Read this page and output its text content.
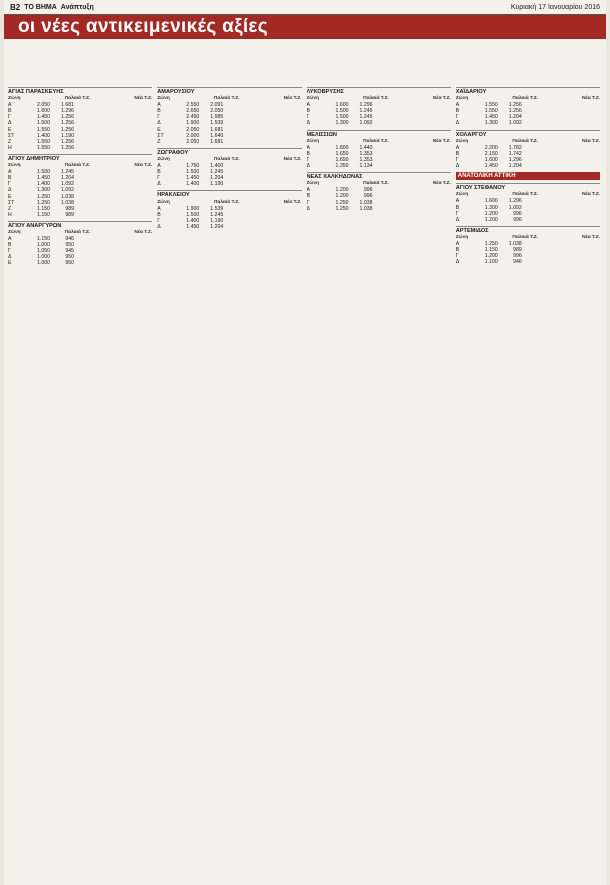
B2 ΤΟ ΒΗΜΑ Ανάπτυξη	Κυριακή 17 Ιανουαρίου 2016
οι νέες αντικειμενικές αξίες
ΑΓΙΑΣ ΠΑΡΑΣΚΕΥΗΣ
Ζώνη	Παλαιά Τ.Ζ.	Νέα Τ.Ζ.
Α	2.050	1.681
Β	1.600	1.296
Γ	1.450	1.256
Δ	1.500	1.256
Ε	1.550	1.256
ΣΤ	1.400	1.190
Ζ	1.550	1.256
Η	1.550	1.256
ΑΓΙΟΥ ΔΗΜΗΤΡΙΟΥ
Ζώνη	Παλαιά Τ.Ζ.	Νέα Τ.Ζ.
Α	1.500	1.245
Β	1.450	1.204
Γ	1.400	1.092
Δ	1.300	1.092
Ε	1.250	1.038
ΣΤ	1.250	1.038
Ζ	1.150	989
Η	1.150	989
ΑΓΙΟΥ ΑΝΑΡΓΥΡΩΝ
Ζώνη	Παλαιά Τ.Ζ.	Νέα Τ.Ζ.
Α	1.150	946
Β	1.000	950
Γ	1.050	945
Δ	1.000	950
Ε	1.000	950
ΑΜΑΡΟΥΣΙΟΥ
Ζώνη	Παλαιά Τ.Ζ.	Νέα Τ.Ζ.
Α	2.550	2.091
Β	2.650	2.050
Γ	2.450	1.985
Δ	1.900	1.539
Ε	2.050	1.681
ΣΤ	2.000	1.640
Ζ	2.050	1.681
ΖΩΓΡΑΦΟΥ
Ζώνη	Παλαιά Τ.Ζ.	Νέα Τ.Ζ.
Α	1.750	1.400
Β	1.500	1.245
Γ	1.450	1.204
Δ	1.400	1.190
ΗΡΑΚΛΕΙΟΥ
Ζώνη	Παλαιά Τ.Ζ.	Νέα Τ.Ζ.
Α	1.900	1.539
Β	1.500	1.245
Γ	1.400	1.190
Δ	1.450	1.204
ΛΥΚΟΒΡΥΣΗΣ
Ζώνη	Παλαιά Τ.Ζ.	Νέα Τ.Ζ.
Α	1.600	1.296
Β	1.500	1.245
Γ	1.500	1.245
Δ	1.300	1.092
ΜΕΛΙΣΣΙΩΝ
Ζώνη	Παλαιά Τ.Ζ.	Νέα Τ.Ζ.
Α	1.800	1.440
Β	1.650	1.353
Γ	1.650	1.353
Δ	1.350	1.134
ΝΕΑΣ ΧΑΛΚΗΔΟΝΑΣ
Ζώνη	Παλαιά Τ.Ζ.	Νέα Τ.Ζ.
Α	1.200	996
Β	1.200	996
Γ	1.250	1.038
Δ	1.250	1.038
ΧΑΪΔΑΡΙΟΥ
Ζώνη	Παλαιά Τ.Ζ.	Νέα Τ.Ζ.
Α	1.550	1.256
Β	1.550	1.256
Γ	1.450	1.204
Δ	1.300	1.092
ΧΟΛΑΡΓΟΥ
Ζώνη	Παλαιά Τ.Ζ.	Νέα Τ.Ζ.
Α	2.200	1.782
Β	2.150	1.742
Γ	1.600	1.296
Δ	1.450	1.204
ΑΝΑΤΟΛΙΚΗ ΑΤΤΙΚΗ
ΑΓΙΟΥ ΣΤΕΦΑΝΟΥ
Ζώνη	Παλαιά Τ.Ζ.	Νέα Τ.Ζ.
Α	1.600	1.296
Β	1.300	1.092
Γ	1.200	996
Δ	1.200	996
ΑΡΤΕΜΙΔΟΣ
Ζώνη	Παλαιά Τ.Ζ.	Νέα Τ.Ζ.
Α	1.250	1.038
Β	1.150	989
Γ	1.200	996
Δ	1.100	946
